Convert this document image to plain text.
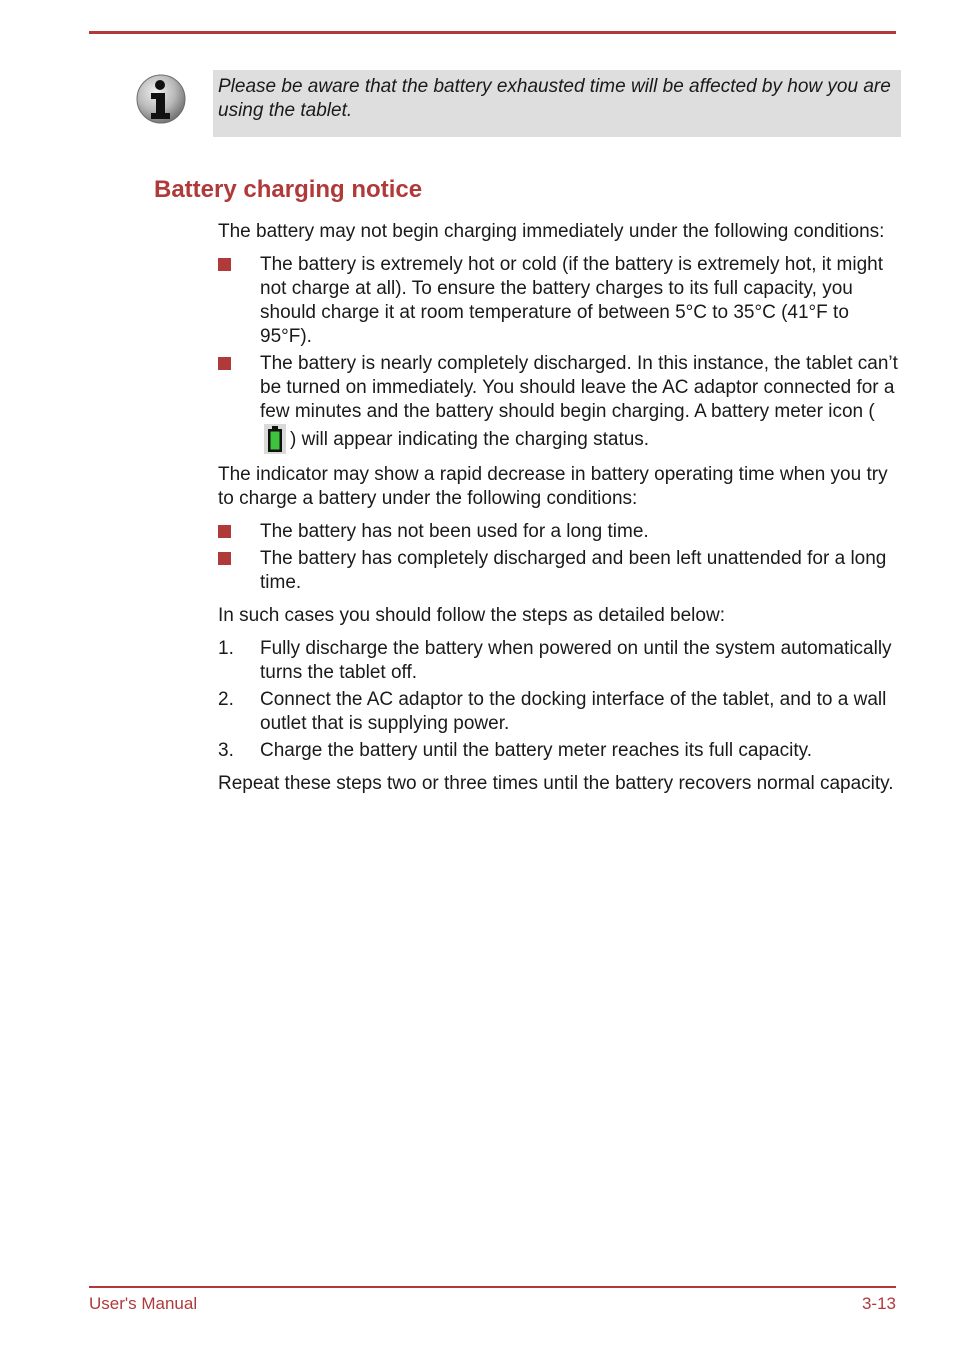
Please be aware that the battery exhausted time will be affected by how you are using the tablet.
Battery charging notice

The battery may not begin charging immediately under the following conditions:

The battery is extremely hot or cold (if the battery is extremely hot, it might not charge at all). To ensure the battery charges to its full capacity, you should charge it at room temperature of between 5°C to 35°C (41°F to 95°F).
The battery is nearly completely discharged. In this instance, the tablet can’t be turned on immediately. You should leave the AC adaptor connected for a few minutes and the battery should begin charging. A battery meter icon () will appear indicating the charging status.

The indicator may show a rapid decrease in battery operating time when you try to charge a battery under the following conditions:

The battery has not been used for a long time.
The battery has completely discharged and been left unattended for a long time.

In such cases you should follow the steps as detailed below:

1. Fully discharge the battery when powered on until the system automatically turns the tablet off.
2. Connect the AC adaptor to the docking interface of the tablet, and to a wall outlet that is supplying power.
3. Charge the battery until the battery meter reaches its full capacity.

Repeat these steps two or three times until the battery recovers normal capacity.

User's Manual	3-13
